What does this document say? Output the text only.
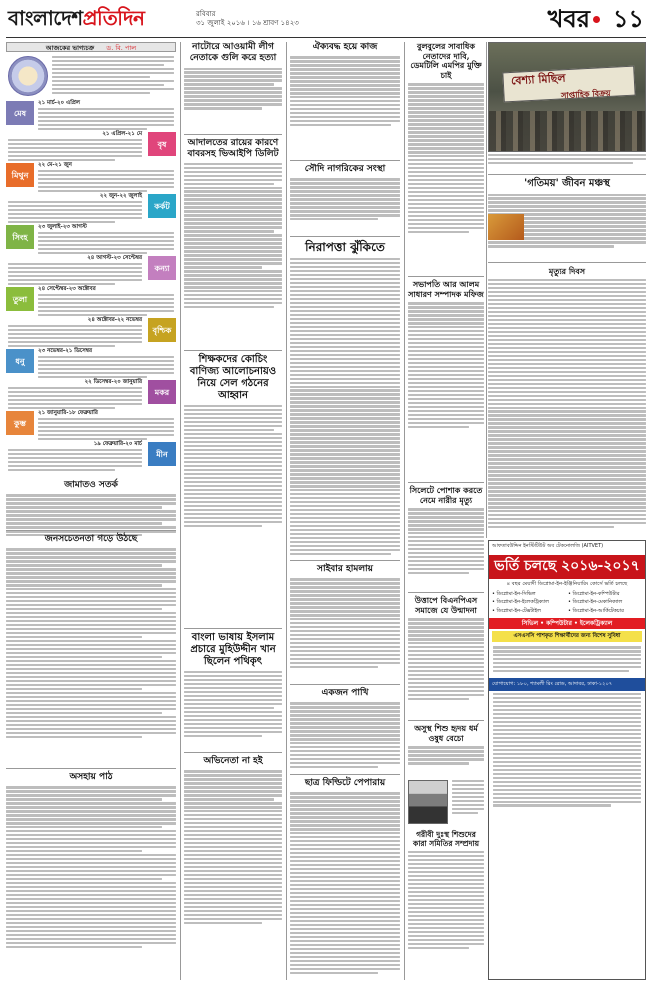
বাংলাদেশপ্রতিদিন	রবিবার
৩১ জুলাই ২০১৬ । ১৬ শ্রাবণ ১৪২৩	খবর ১১
আজকের ভাগ্যচক্র ড. বি. পাল
মেষ
২১ মার্চ-২০ এপ্রিল
বৃষ
২১ এপ্রিল-২১ মে
মিথুন
২২ মে-২১ জুন
কর্কট
২২ জুন-২২ জুলাই
সিংহ
২৩ জুলাই-২৩ আগস্ট
কন্যা
২৪ আগস্ট-২৩ সেপ্টেম্বর
তুলা
২৪ সেপ্টেম্বর-২৩ অক্টোবর
বৃশ্চিক
২৪ অক্টোবর-২২ নভেম্বর
ধনু
২৩ নভেম্বর-২১ ডিসেম্বর
মকর
২২ ডিসেম্বর-২০ জানুয়ারি
কুম্ভ
২১ জানুয়ারি-১৮ ফেব্রুয়ারি
মীন
১৯ ফেব্রুয়ারি-২০ মার্চ
জামাতও সতর্ক
জনসচেতনতা গড়ে উঠছে
অসহায় পাঠ
নাটোরে আওয়ামী লীগ নেতাকে গুলি করে হত্যা
আদালতের রায়ের কারণে বাবরসহ ভিআইপি ডিলিট
শিক্ষকদের কোচিং বাণিজ্য আলোচনায়ও নিয়ে সেল গঠনের আহ্বান
বাংলা ভাষায় ইসলাম প্রচারে মুহিউদ্দীন খান ছিলেন পথিকৃৎ
অভিনেতা না হই
ঐক্যবদ্ধ হয়ে কাজ
সৌদি নাগরিকের সংস্থা
নিরাপত্তা ঝুঁকিতে
সাইবার হামলায়
একজন পাখি
ছাত্র ফিল্ডিটে পেপারায়
বুলবুলের সাবাধিক নেতাদের দাবি, ডেমটিলি এমপির মুক্তি চাই
সভাপতি আর আলম সাধারণ সম্পাদক মফিজ
সিলেটে পোশাক করতে নেমে নারীর মৃত্যু
উত্তাপে বিএনপিএস সমাজে যে উন্মাদনা
অসুস্থ শিশু হৃদয় ধর্ম ওষুধ বেচো
গরীবী দুঃস্থ শিশুদের কারা সমিতির সম্প্রদায়
বেশ্যা মিছিল
সাপ্তাহিক বিক্রয়
'গতিময়' জীবন মঞ্চস্থ
মৃত্যুর দিবস
আফতাবউদ্দিন ইনস্টিটিউট অব টেকনোলজি (AITVET)
ভর্তি চলছে ২০১৬-২০১৭
৪ বছর মেয়াদী ডিপ্লোমা-ইন-ইঞ্জিনিয়ারিং কোর্সে ভর্তি চলছে
• ডিপ্লোমা-ইন-সিভিল	• ডিপ্লোমা-ইন-কম্পিউটার
• ডিপ্লোমা-ইন-ইলেকট্রিক্যাল	• ডিপ্লোমা-ইন-মেকানিক্যাল
• ডিপ্লোমা-ইন-টেক্সটাইল	• ডিপ্লোমা-ইন-আর্কিটেকচার
সিভিল • কম্পিউটার • ইলেকট্রিক্যাল
এসএসসি পাশকৃত শিক্ষার্থীদের জন্য বিশেষ সুবিধা
যোগাযোগ: ১৮০, শ্যামলী রিং রোড, আদাবর, ঢাকা-১২০৭
